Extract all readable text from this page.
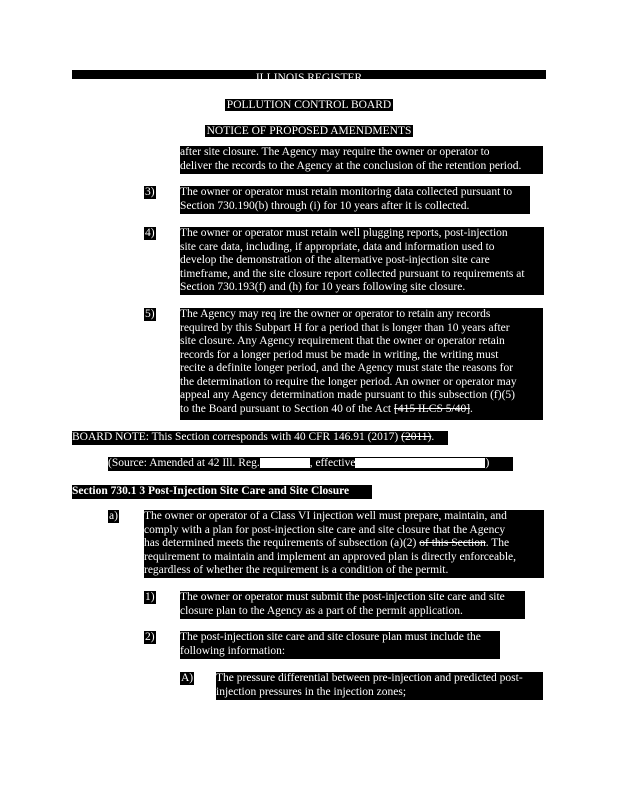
ILLINOIS REGISTER
POLLUTION CONTROL BOARD
NOTICE OF PROPOSED AMENDMENTS
after site closure. The Agency may require the owner or operator to
deliver the records to the Agency at the conclusion of the retention period.
3) The owner or operator must retain monitoring data collected pursuant to
Section 730.190(b) through (i) for 10 years after it is collected.
4) The owner or operator must retain well plugging reports, post-injection
site care data, including, if appropriate, data and information used to
develop the demonstration of the alternative post-injection site care
timeframe, and the site closure report collected pursuant to requirements at
Section 730.193(f) and (h) for 10 years following site closure.
5) The Agency may req ire the owner or operator to retain any records
required by this Subpart H for a period that is longer than 10 years after
site closure. Any Agency requirement that the owner or operator retain
records for a longer period must be made in writing, the writing must
recite a definite longer period, and the Agency must state the reasons for
the determination to require the longer period. An owner or operator may
appeal any Agency determination made pursuant to this subsection (f)(5)
to the Board pursuant to Section 40 of the Act [415 ILCS 5/40].
BOARD NOTE: This Section corresponds with 40 CFR 146.91 (2017) (2011).
(Source: Amended at 42 Ill. Reg.	, effective	)
Section 730.1 3 Post-Injection Site Care and Site Closure
a) The owner or operator of a Class VI injection well must prepare, maintain, and
comply with a plan for post-injection site care and site closure that the Agency
has determined meets the requirements of subsection (a)(2) of this Section. The
requirement to maintain and implement an approved plan is directly enforceable,
regardless of whether the requirement is a condition of the permit.
1) The owner or operator must submit the post-injection site care and site
closure plan to the Agency as a part of the permit application.
2) The post-injection site care and site closure plan must include the
following information:
A) The pressure differential between pre-injection and predicted post-
injection pressures in the injection zones;
